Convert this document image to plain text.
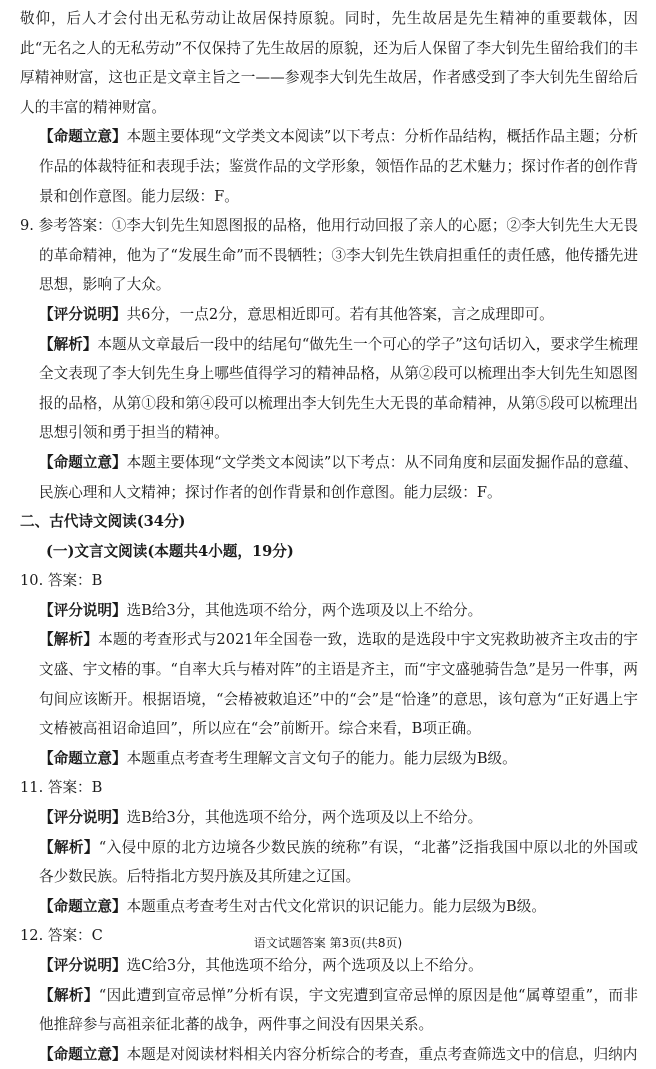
敬仰，后人才会付出无私劳动让故居保持原貌。同时，先生故居是先生精神的重要载体，因此“无名之人的无私劳动”不仅保持了先生故居的原貌，还为后人保留了李大钊先生留给我们的丰厚精神财富，这也正是文章主旨之一——参观李大钊先生故居，作者感受到了李大钊先生留给后人的丰富的精神财富。

【命题立意】本题主要体现“文学类文本阅读”以下考点：分析作品结构，概括作品主题；分析作品的体裁特征和表现手法；鉴赏作品的文学形象，领悟作品的艺术魅力；探讨作者的创作背景和创作意图。能力层级：F。

9. 参考答案：①李大钊先生知恩图报的品格，他用行动回报了亲人的心愿；②李大钊先生大无畏的革命精神，他为了“发展生命”而不畏牺牲；③李大钊先生铁肩担重任的责任感，他传播先进思想，影响了大众。

【评分说明】共6分，一点2分，意思相近即可。若有其他答案，言之成理即可。

【解析】本题从文章最后一段中的结尾句“做先生一个可心的学子”这句话切入，要求学生梳理全文表现了李大钊先生身上哪些值得学习的精神品格，从第②段可以梳理出李大钊先生知恩图报的品格，从第①段和第④段可以梳理出李大钊先生大无畏的革命精神，从第⑤段可以梳理出思想引领和勇于担当的精神。

【命题立意】本题主要体现“文学类文本阅读”以下考点：从不同角度和层面发掘作品的意蕴、民族心理和人文精神；探讨作者的创作背景和创作意图。能力层级：F。

二、古代诗文阅读(34分)

(一)文言文阅读(本题共4小题，19分)

10. 答案：B

【评分说明】选B给3分，其他选项不给分，两个选项及以上不给分。

【解析】本题的考查形式与2021年全国卷一致，选取的是选段中宇文宪救助被齐主攻击的宇文盛、宇文椿的事。“自率大兵与椿对阵”的主语是齐主，而“宇文盛驰骑告急”是另一件事，两句间应该断开。根据语境，“会椿被敕追还”中的“会”是“恰逢”的意思，该句意为“正好遇上宇文椿被高祖诏命追回”，所以应在“会”前断开。综合来看，B项正确。

【命题立意】本题重点考查考生理解文言文句子的能力。能力层级为B级。

11. 答案：B

【评分说明】选B给3分，其他选项不给分，两个选项及以上不给分。

【解析】“入侵中原的北方边境各少数民族的统称”有误，“北蕃”泛指我国中原以北的外国或各少数民族。后特指北方契丹族及其所建之辽国。

【命题立意】本题重点考查考生对古代文化常识的识记能力。能力层级为B级。

12. 答案：C

【评分说明】选C给3分，其他选项不给分，两个选项及以上不给分。

【解析】“因此遭到宣帝忌惮”分析有误，宇文宪遭到宣帝忌惮的原因是他“属尊望重”，而非他推辞参与高祖亲征北蕃的战争，两件事之间没有因果关系。

【命题立意】本题是对阅读材料相关内容分析综合的考查，重点考查筛选文中的信息，归纳内

语文试题答案 第3页(共8页)
